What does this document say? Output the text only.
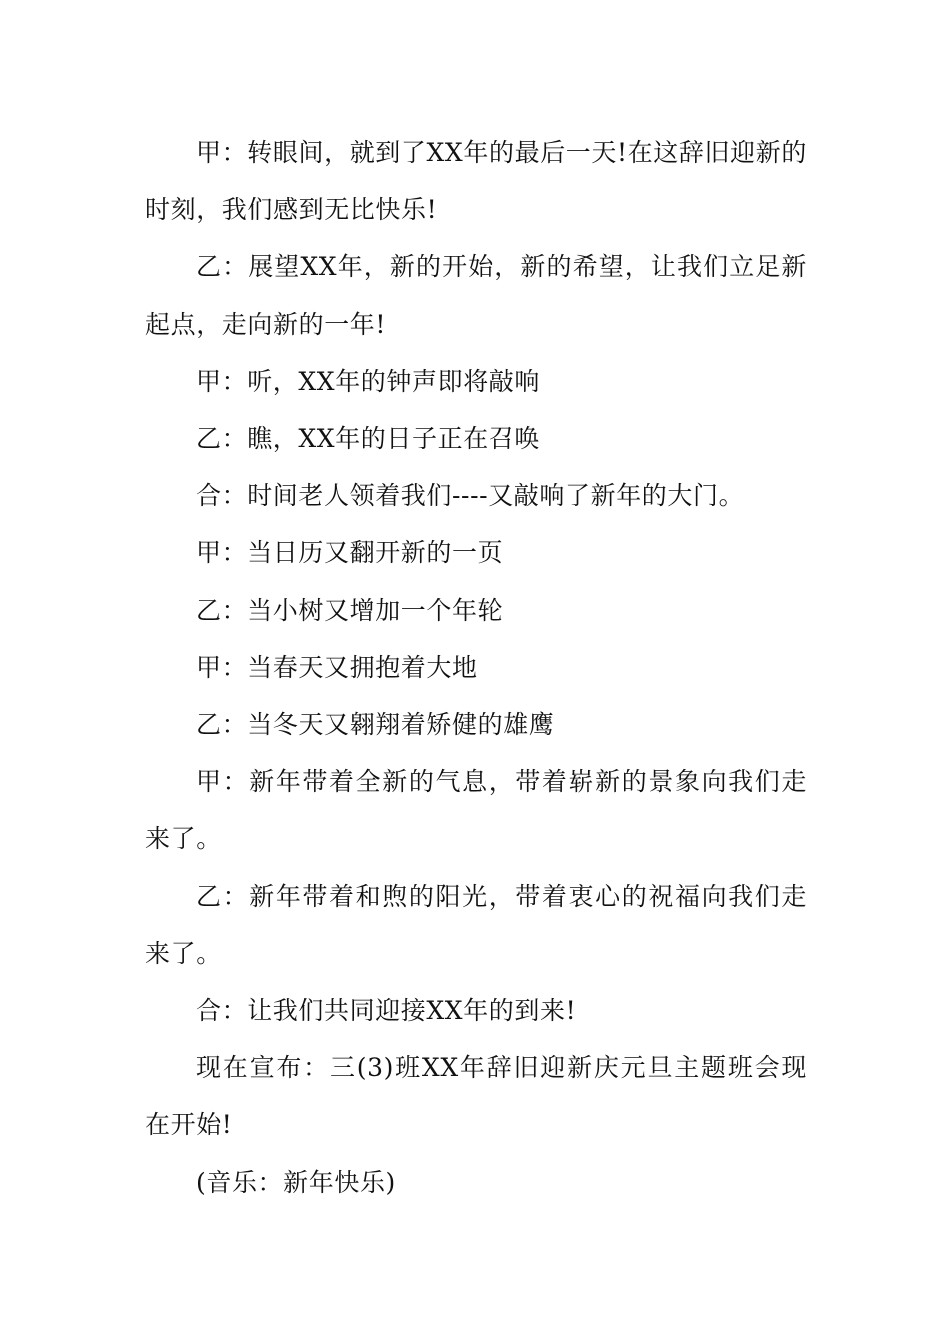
甲：转眼间，就到了XX年的最后一天!在这辞旧迎新的时刻，我们感到无比快乐!

乙：展望XX年，新的开始，新的希望，让我们立足新起点，走向新的一年!

甲：听，XX年的钟声即将敲响

乙：瞧，XX年的日子正在召唤

合：时间老人领着我们----又敲响了新年的大门。

甲：当日历又翻开新的一页

乙：当小树又增加一个年轮

甲：当春天又拥抱着大地

乙：当冬天又翱翔着矫健的雄鹰

甲：新年带着全新的气息，带着崭新的景象向我们走来了。

乙：新年带着和煦的阳光，带着衷心的祝福向我们走来了。

合：让我们共同迎接XX年的到来!

现在宣布：三(3)班XX年辞旧迎新庆元旦主题班会现在开始!

(音乐：新年快乐)
